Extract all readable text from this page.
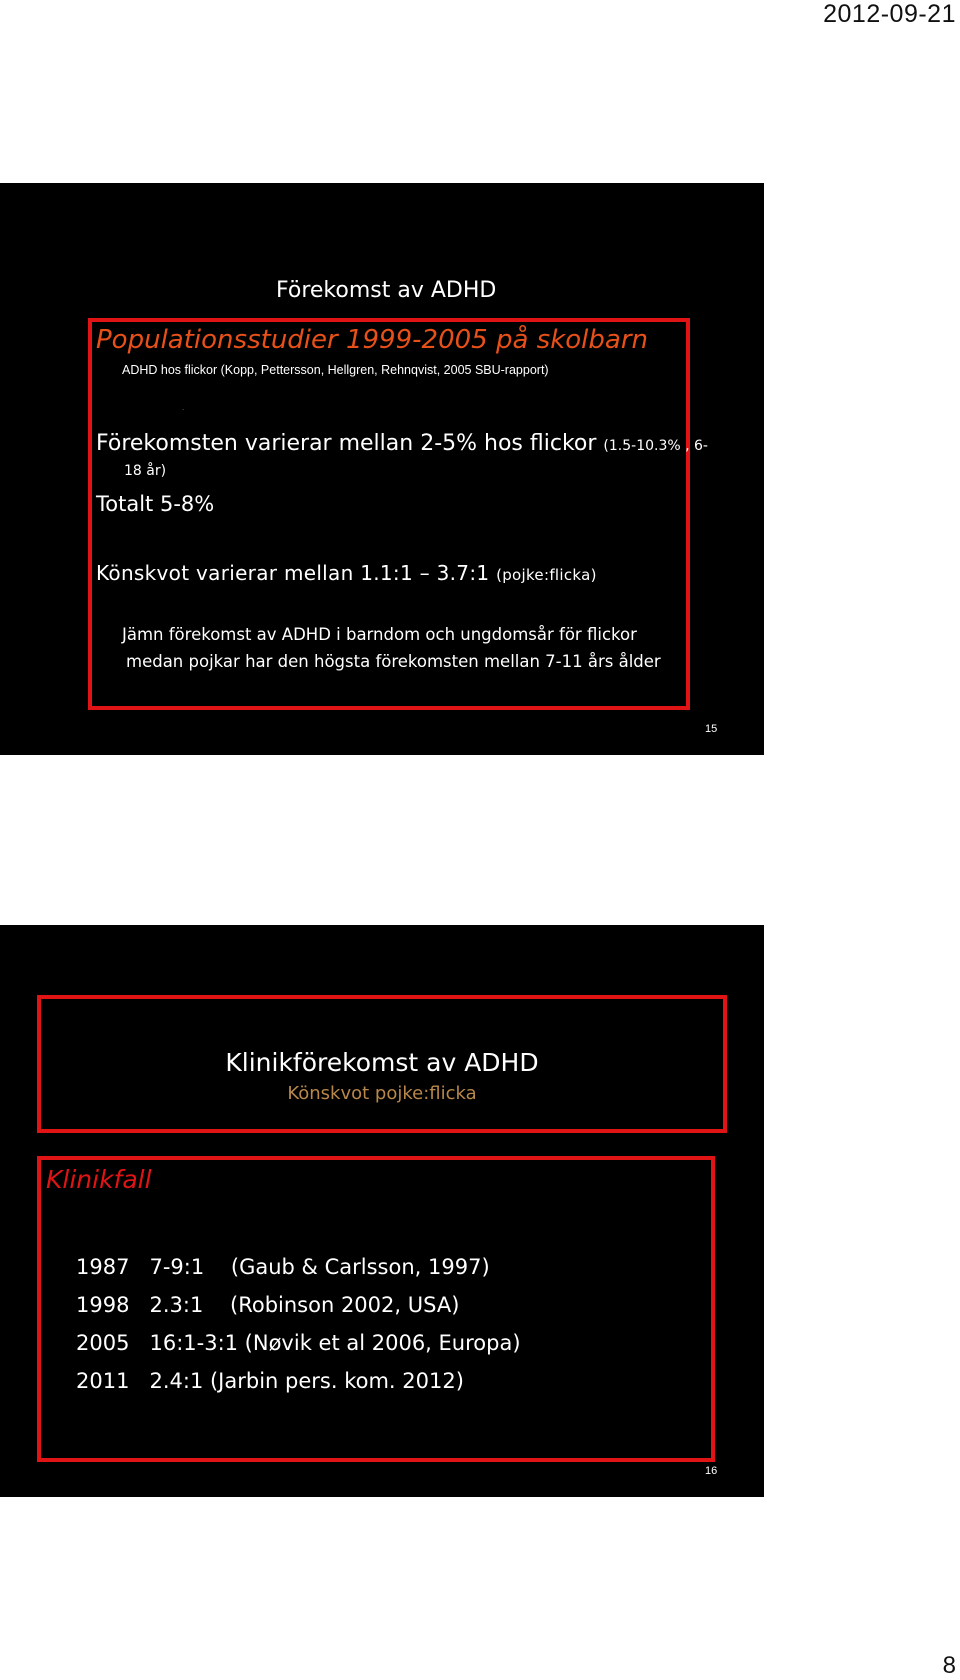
2012-09-21
Förekomst av ADHD
Populationsstudier 1999-2005 på skolbarn
ADHD hos flickor (Kopp, Pettersson, Hellgren, Rehnqvist, 2005 SBU-rapport)
.
Förekomsten varierar mellan 2-5% hos flickor (1.5-10.3% , 6-
18 år)
Totalt 5-8%
Könskvot varierar mellan 1.1:1 – 3.7:1 (pojke:flicka)
Jämn förekomst av ADHD i barndom och ungdomsår för flickor
medan pojkar har den högsta förekomsten mellan 7-11 års ålder
15
Klinikförekomst av ADHD
Könskvot pojke:flicka
Klinikfall
1987   7-9:1    (Gaub & Carlsson, 1997)
1998   2.3:1    (Robinson 2002, USA)
2005   16:1-3:1 (Nøvik et al 2006, Europa)
2011   2.4:1 (Jarbin pers. kom. 2012)
16
8
